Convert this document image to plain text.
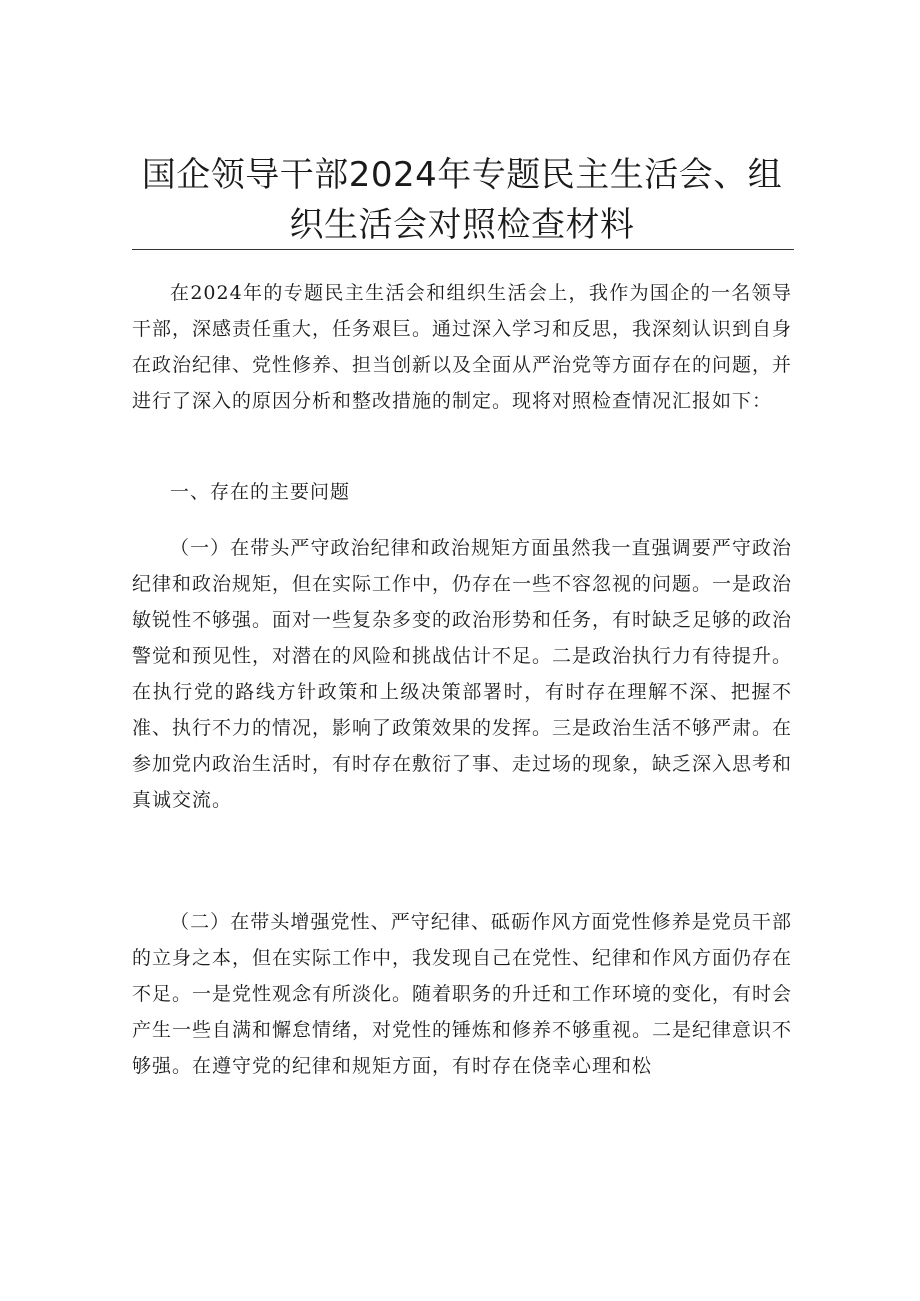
国企领导干部2024年专题民主生活会、组织生活会对照检查材料

在2024年的专题民主生活会和组织生活会上，我作为国企的一名领导干部，深感责任重大，任务艰巨。通过深入学习和反思，我深刻认识到自身在政治纪律、党性修养、担当创新以及全面从严治党等方面存在的问题，并进行了深入的原因分析和整改措施的制定。现将对照检查情况汇报如下：

一、存在的主要问题

（一）在带头严守政治纪律和政治规矩方面虽然我一直强调要严守政治纪律和政治规矩，但在实际工作中，仍存在一些不容忽视的问题。一是政治敏锐性不够强。面对一些复杂多变的政治形势和任务，有时缺乏足够的政治警觉和预见性，对潜在的风险和挑战估计不足。二是政治执行力有待提升。在执行党的路线方针政策和上级决策部署时，有时存在理解不深、把握不准、执行不力的情况，影响了政策效果的发挥。三是政治生活不够严肃。在参加党内政治生活时，有时存在敷衍了事、走过场的现象，缺乏深入思考和真诚交流。

（二）在带头增强党性、严守纪律、砥砺作风方面党性修养是党员干部的立身之本，但在实际工作中，我发现自己在党性、纪律和作风方面仍存在不足。一是党性观念有所淡化。随着职务的升迁和工作环境的变化，有时会产生一些自满和懈怠情绪，对党性的锤炼和修养不够重视。二是纪律意识不够强。在遵守党的纪律和规矩方面，有时存在侥幸心理和松
